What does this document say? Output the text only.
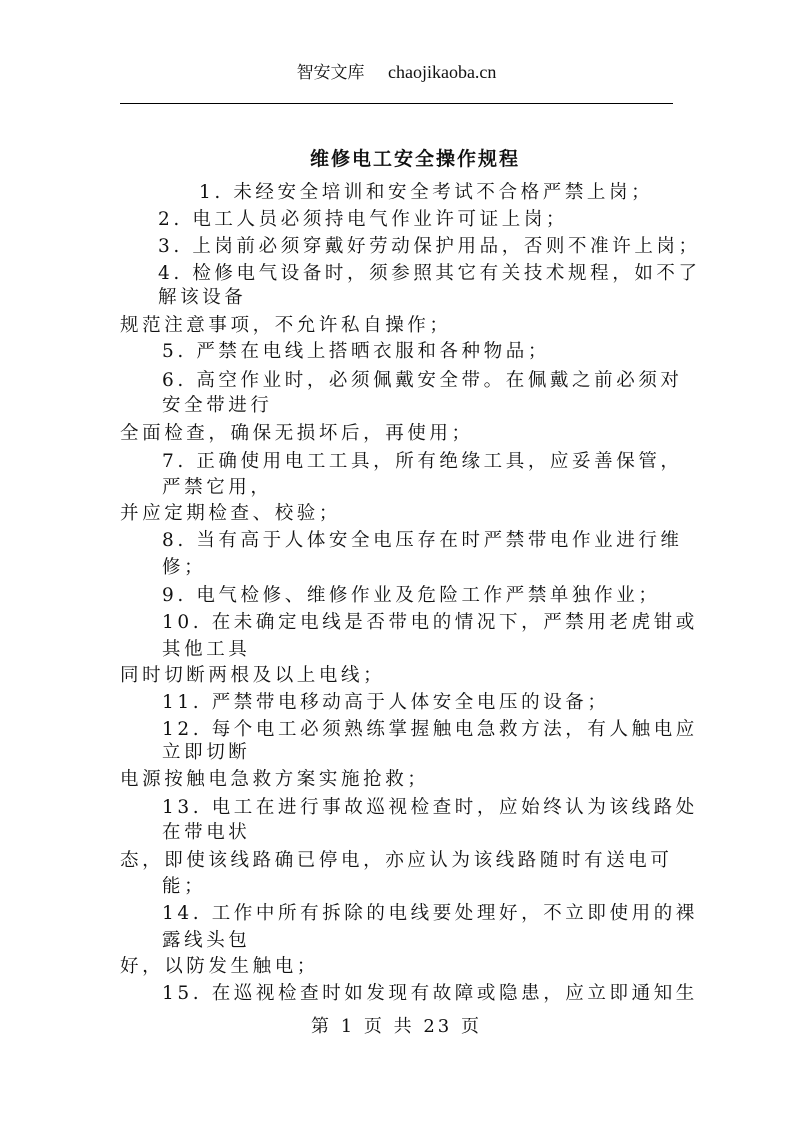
智安文库 chaojikaoba.cn
维修电工安全操作规程
1. 未经安全培训和安全考试不合格严禁上岗；
2. 电工人员必须持电气作业许可证上岗；
3. 上岗前必须穿戴好劳动保护用品，否则不准许上岗；
4. 检修电气设备时，须参照其它有关技术规程，如不了
解该设备
规范注意事项，不允许私自操作；
5. 严禁在电线上搭晒衣服和各种物品；
6. 高空作业时，必须佩戴安全带。在佩戴之前必须对
安全带进行
全面检查，确保无损坏后，再使用；
7. 正确使用电工工具，所有绝缘工具，应妥善保管，
严禁它用，
并应定期检查、校验；
8. 当有高于人体安全电压存在时严禁带电作业进行维
修；
9. 电气检修、维修作业及危险工作严禁单独作业；
10. 在未确定电线是否带电的情况下，严禁用老虎钳或
其他工具
同时切断两根及以上电线；
11. 严禁带电移动高于人体安全电压的设备；
12. 每个电工必须熟练掌握触电急救方法，有人触电应
立即切断
电源按触电急救方案实施抢救；
13. 电工在进行事故巡视检查时，应始终认为该线路处
在带电状
态，即使该线路确已停电，亦应认为该线路随时有送电可
能；
14. 工作中所有拆除的电线要处理好，不立即使用的裸
露线头包
好，以防发生触电；
15. 在巡视检查时如发现有故障或隐患，应立即通知生
第 1 页 共 23 页
